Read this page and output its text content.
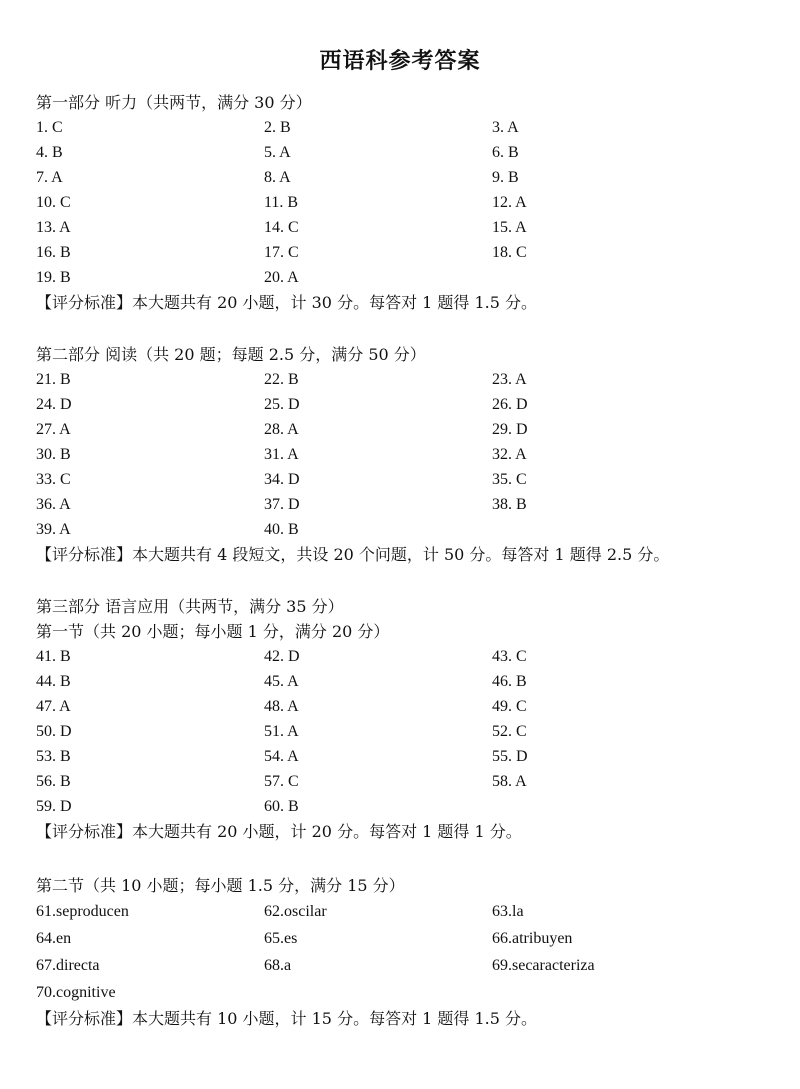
西语科参考答案
第一部分 听力（共两节，满分 30 分）
1. C	2. B	3. A
4. B	5. A	6. B
7. A	8. A	9. B
10. C	11. B	12. A
13. A	14. C	15. A
16. B	17. C	18. C
19. B	20. A
【评分标准】本大题共有 20 小题，计 30 分。每答对 1 题得 1.5 分。
第二部分 阅读（共 20 题；每题 2.5 分，满分 50 分）
21. B	22. B	23. A
24. D	25. D	26. D
27. A	28. A	29. D
30. B	31. A	32. A
33. C	34. D	35. C
36. A	37. D	38. B
39. A	40. B
【评分标准】本大题共有 4 段短文，共设 20 个问题，计 50 分。每答对 1 题得 2.5 分。
第三部分 语言应用（共两节，满分 35 分）
第一节（共 20 小题；每小题 1 分，满分 20 分）
41. B	42. D	43. C
44. B	45. A	46. B
47. A	48. A	49. C
50. D	51. A	52. C
53. B	54. A	55. D
56. B	57. C	58. A
59. D	60. B
【评分标准】本大题共有 20 小题，计 20 分。每答对 1 题得 1 分。
第二节（共 10 小题；每小题 1.5 分，满分 15 分）
61.seproducen	62.oscilar	63.la
64.en	65.es	66.atribuyen
67.directa	68.a	69.secaracteriza
70.cognitive
【评分标准】本大题共有 10 小题，计 15 分。每答对 1 题得 1.5 分。
